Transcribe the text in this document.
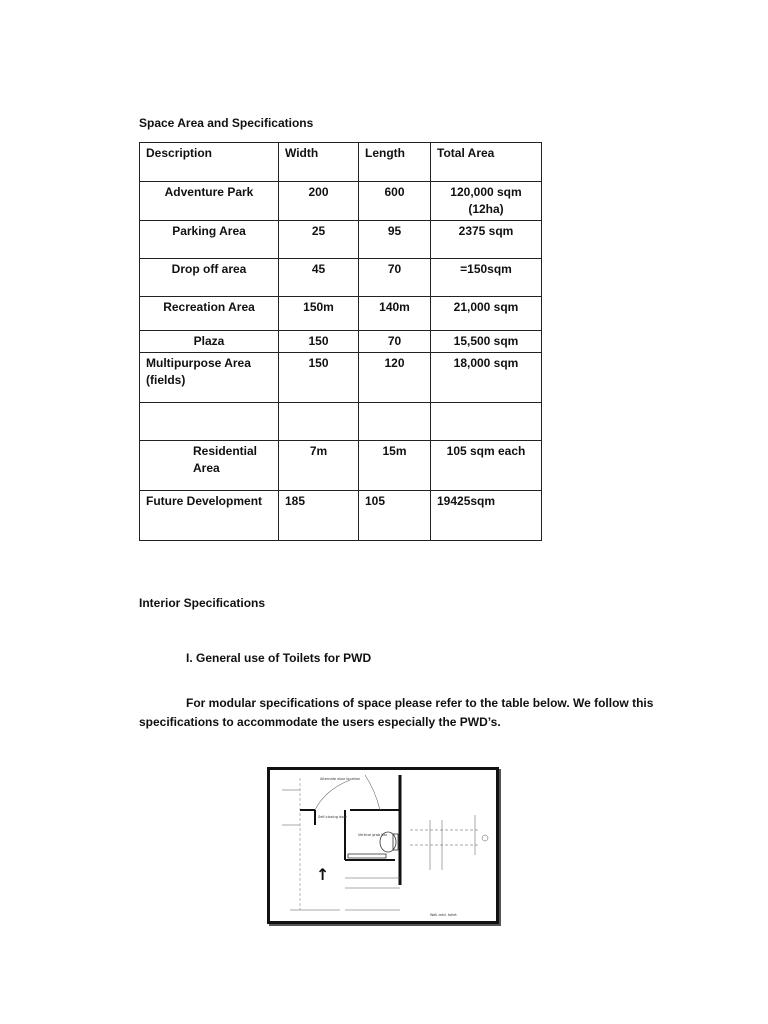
Space Area and Specifications
Description	Width	Length	Total Area
Adventure Park	200	600	120,000 sqm (12ha)
Parking Area	25	95	2375 sqm
Drop off area	45	70	=150sqm
Recreation Area	150m	140m	21,000 sqm
Plaza	150	70	15,500 sqm
Multipurpose Area (fields)	150	120	18,000 sqm

Residential Area	7m	15m	105 sqm each
Future Development	185	105	19425sqm
Interior Specifications
I. General use of Toilets for PWD
For modular specifications of space please refer to the table below. We follow this specifications to accommodate the users especially the PWD’s.
Alternate door location
Self-closing door
Vertical grab bar
Wall-mtd. toilet
↑
